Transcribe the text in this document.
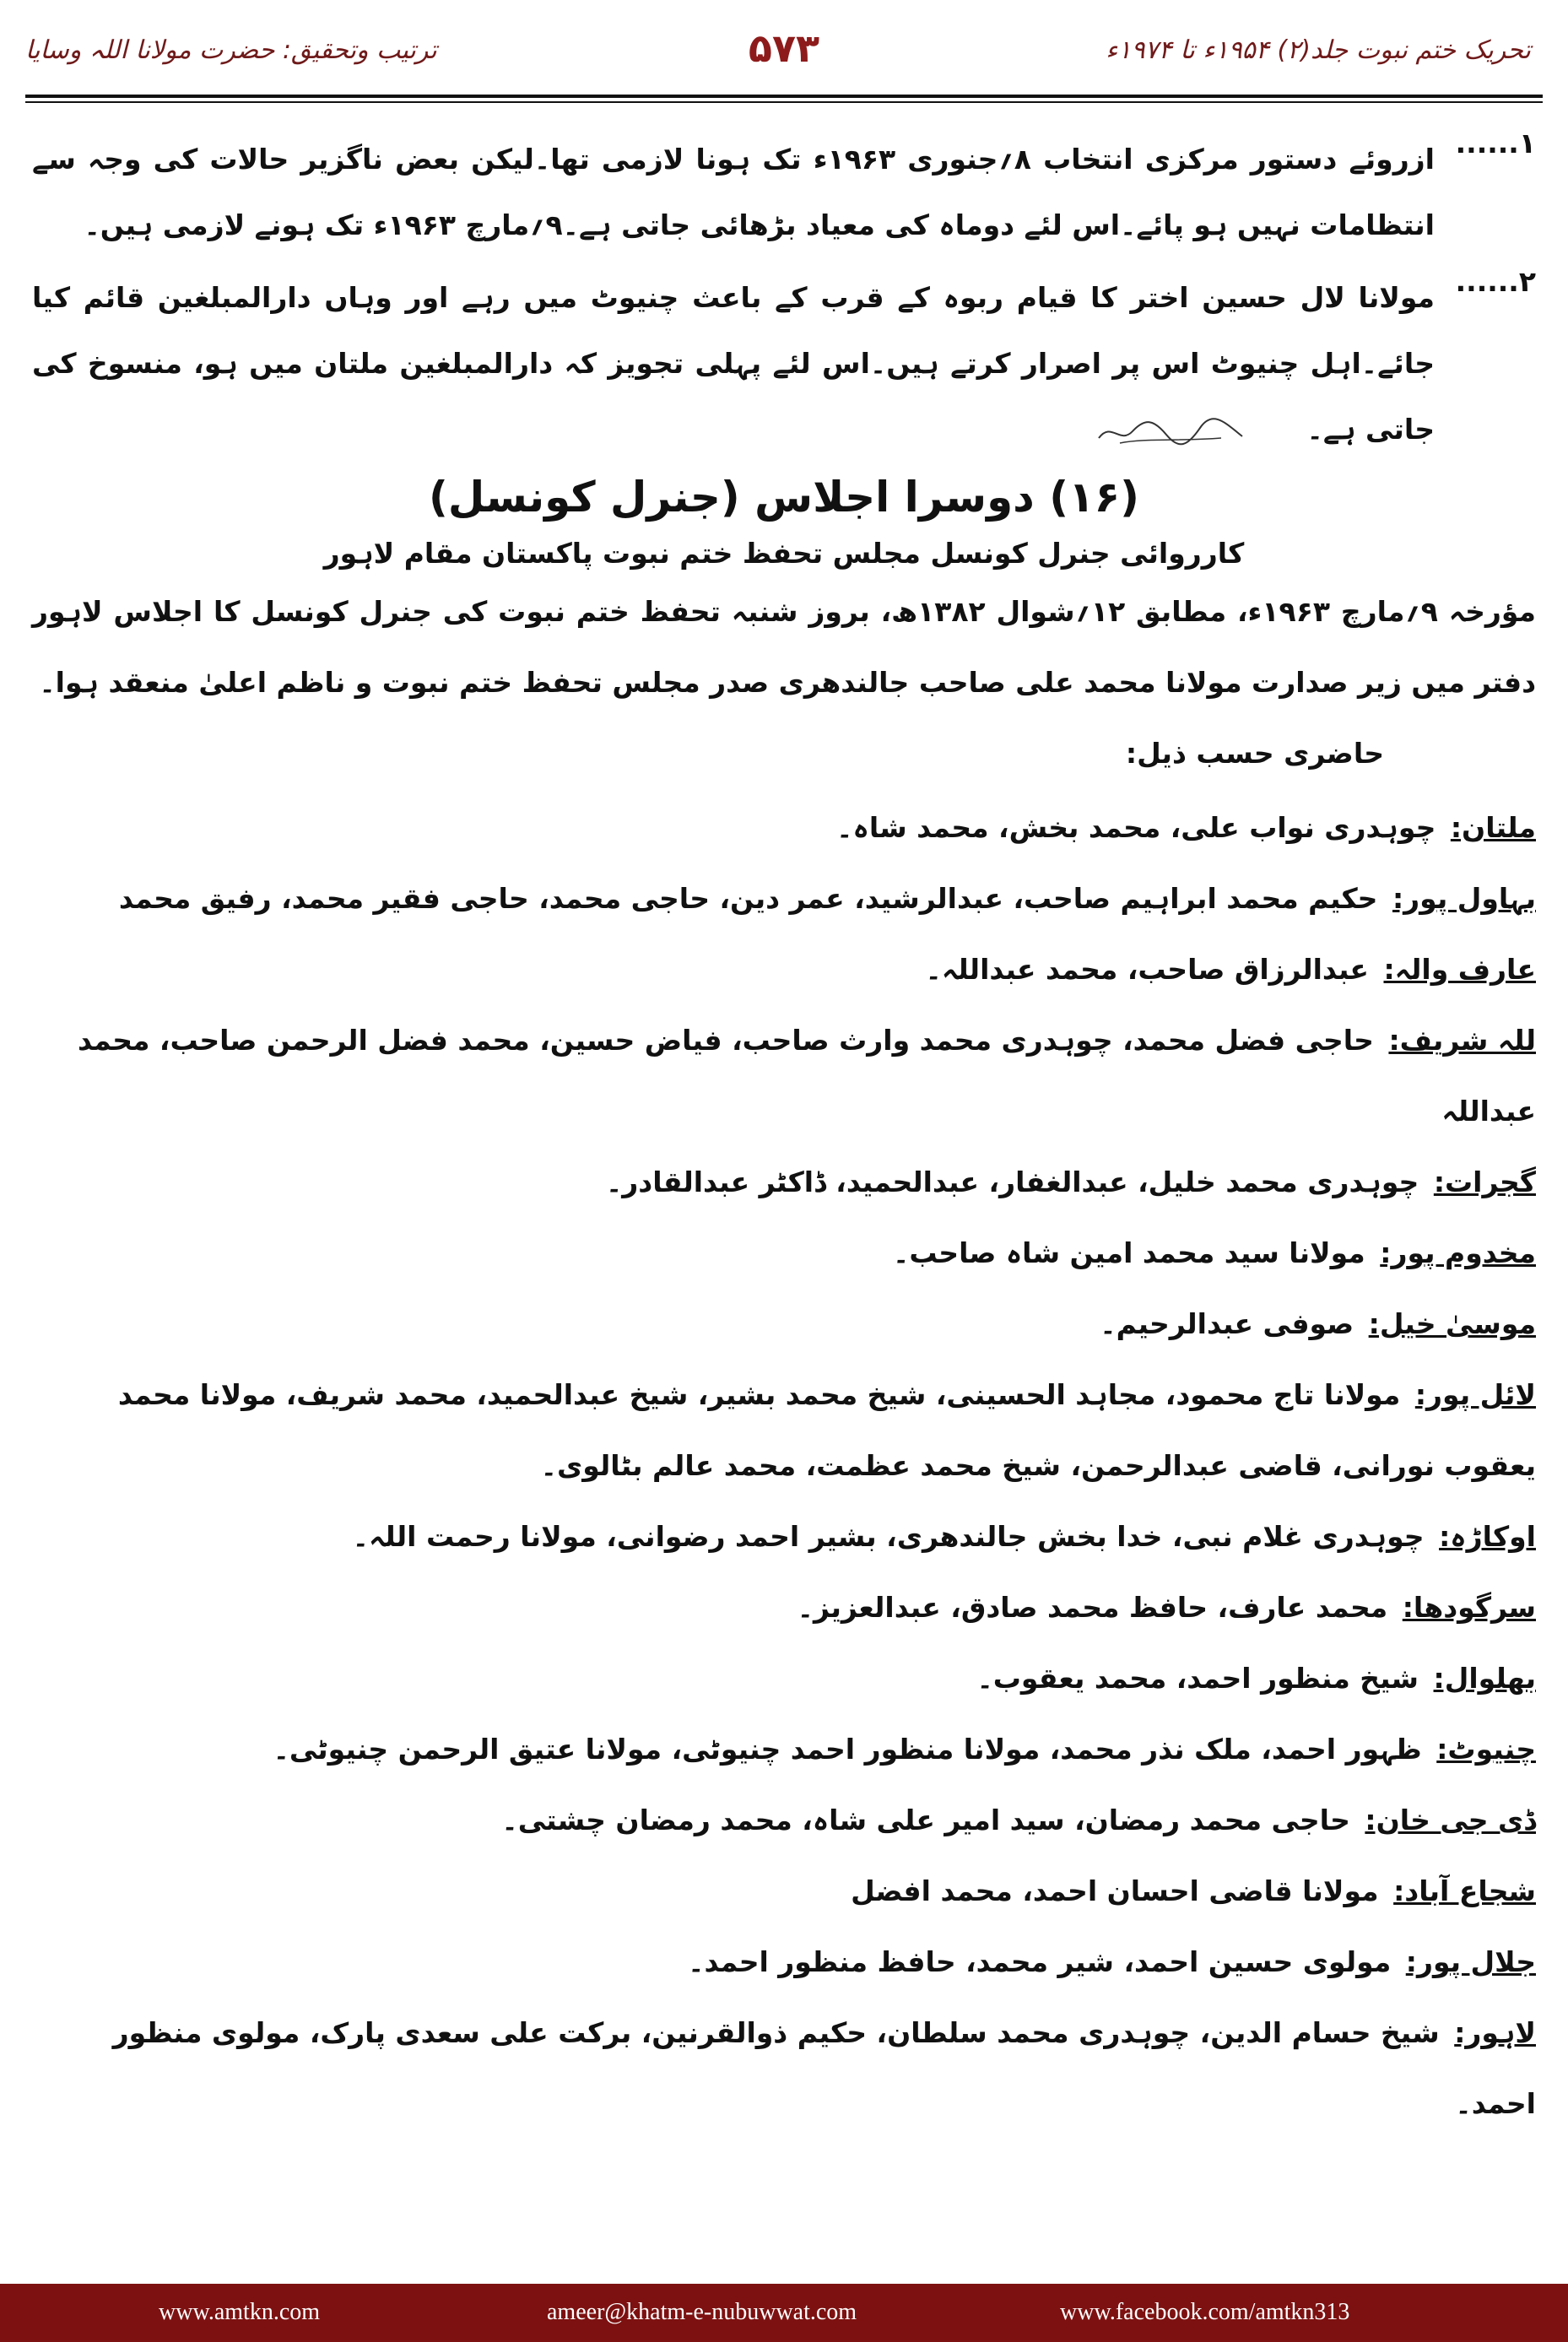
تحریک ختم نبوت جلد(۲) ۱۹۵۴ء تا ۱۹۷۴ء
۵۷۳
ترتیب وتحقیق: حضرت مولانا اللہ وسایا
۱......
ازروئے دستور مرکزی انتخاب ۸؍جنوری ۱۹۶۳ء تک ہونا لازمی تھا۔لیکن بعض ناگزیر حالات کی وجہ سے انتظامات نہیں ہو پائے۔اس لئے دوماہ کی معیاد بڑھائی جاتی ہے۔۹؍مارچ ۱۹۶۳ء تک ہونے لازمی ہیں۔
۲......
مولانا لال حسین اختر کا قیام ربوہ کے قرب کے باعث چنیوٹ میں رہے اور وہاں دارالمبلغین قائم کیا جائے۔اہل چنیوٹ اس پر اصرار کرتے ہیں۔اس لئے پہلی تجویز کہ دارالمبلغین ملتان میں ہو، منسوخ کی جاتی ہے۔
(۱۶) دوسرا اجلاس (جنرل کونسل)
کارروائی جنرل کونسل مجلس تحفظ ختم نبوت پاکستان مقام لاہور
مؤرخہ ۹؍مارچ ۱۹۶۳ء، مطابق ۱۲؍شوال ۱۳۸۲ھ، بروز شنبہ تحفظ ختم نبوت کی جنرل کونسل کا اجلاس لاہور دفتر میں زیر صدارت مولانا محمد علی صاحب جالندھری صدر مجلس تحفظ ختم نبوت و ناظم اعلیٰ منعقد ہوا۔
حاضری حسب ذیل:
ملتان: چوہدری نواب علی، محمد بخش، محمد شاہ۔
بہاول پور: حکیم محمد ابراہیم صاحب، عبدالرشید، عمر دین، حاجی محمد، حاجی فقیر محمد، رفیق محمد
عارف والہ: عبدالرزاق صاحب، محمد عبداللہ۔
للہ شریف: حاجی فضل محمد، چوہدری محمد وارث صاحب، فیاض حسین، محمد فضل الرحمن صاحب، محمد عبداللہ
گجرات: چوہدری محمد خلیل، عبدالغفار، عبدالحمید، ڈاکٹر عبدالقادر۔
مخدوم پور: مولانا سید محمد امین شاہ صاحب۔
موسیٰ خیل: صوفی عبدالرحیم۔
لائل پور: مولانا تاج محمود، مجاہد الحسینی، شیخ محمد بشیر، شیخ عبدالحمید، محمد شریف، مولانا محمد یعقوب نورانی، قاضی عبدالرحمن، شیخ محمد عظمت، محمد عالم بٹالوی۔
اوکاڑہ: چوہدری غلام نبی، خدا بخش جالندھری، بشیر احمد رضوانی، مولانا رحمت اللہ۔
سرگودھا: محمد عارف، حافظ محمد صادق، عبدالعزیز۔
بھلوال: شیخ منظور احمد، محمد یعقوب۔
چنیوٹ: ظہور احمد، ملک نذر محمد، مولانا منظور احمد چنیوٹی، مولانا عتیق الرحمن چنیوٹی۔
ڈی جی خان: حاجی محمد رمضان، سید امیر علی شاہ، محمد رمضان چشتی۔
شجاع آباد: مولانا قاضی احسان احمد، محمد افضل
جلال پور: مولوی حسین احمد، شیر محمد، حافظ منظور احمد۔
لاہور: شیخ حسام الدین، چوہدری محمد سلطان، حکیم ذوالقرنین، برکت علی سعدی پارک، مولوی منظور احمد۔
www.amtkn.com	ameer@khatm-e-nubuwwat.com	www.facebook.com/amtkn313
